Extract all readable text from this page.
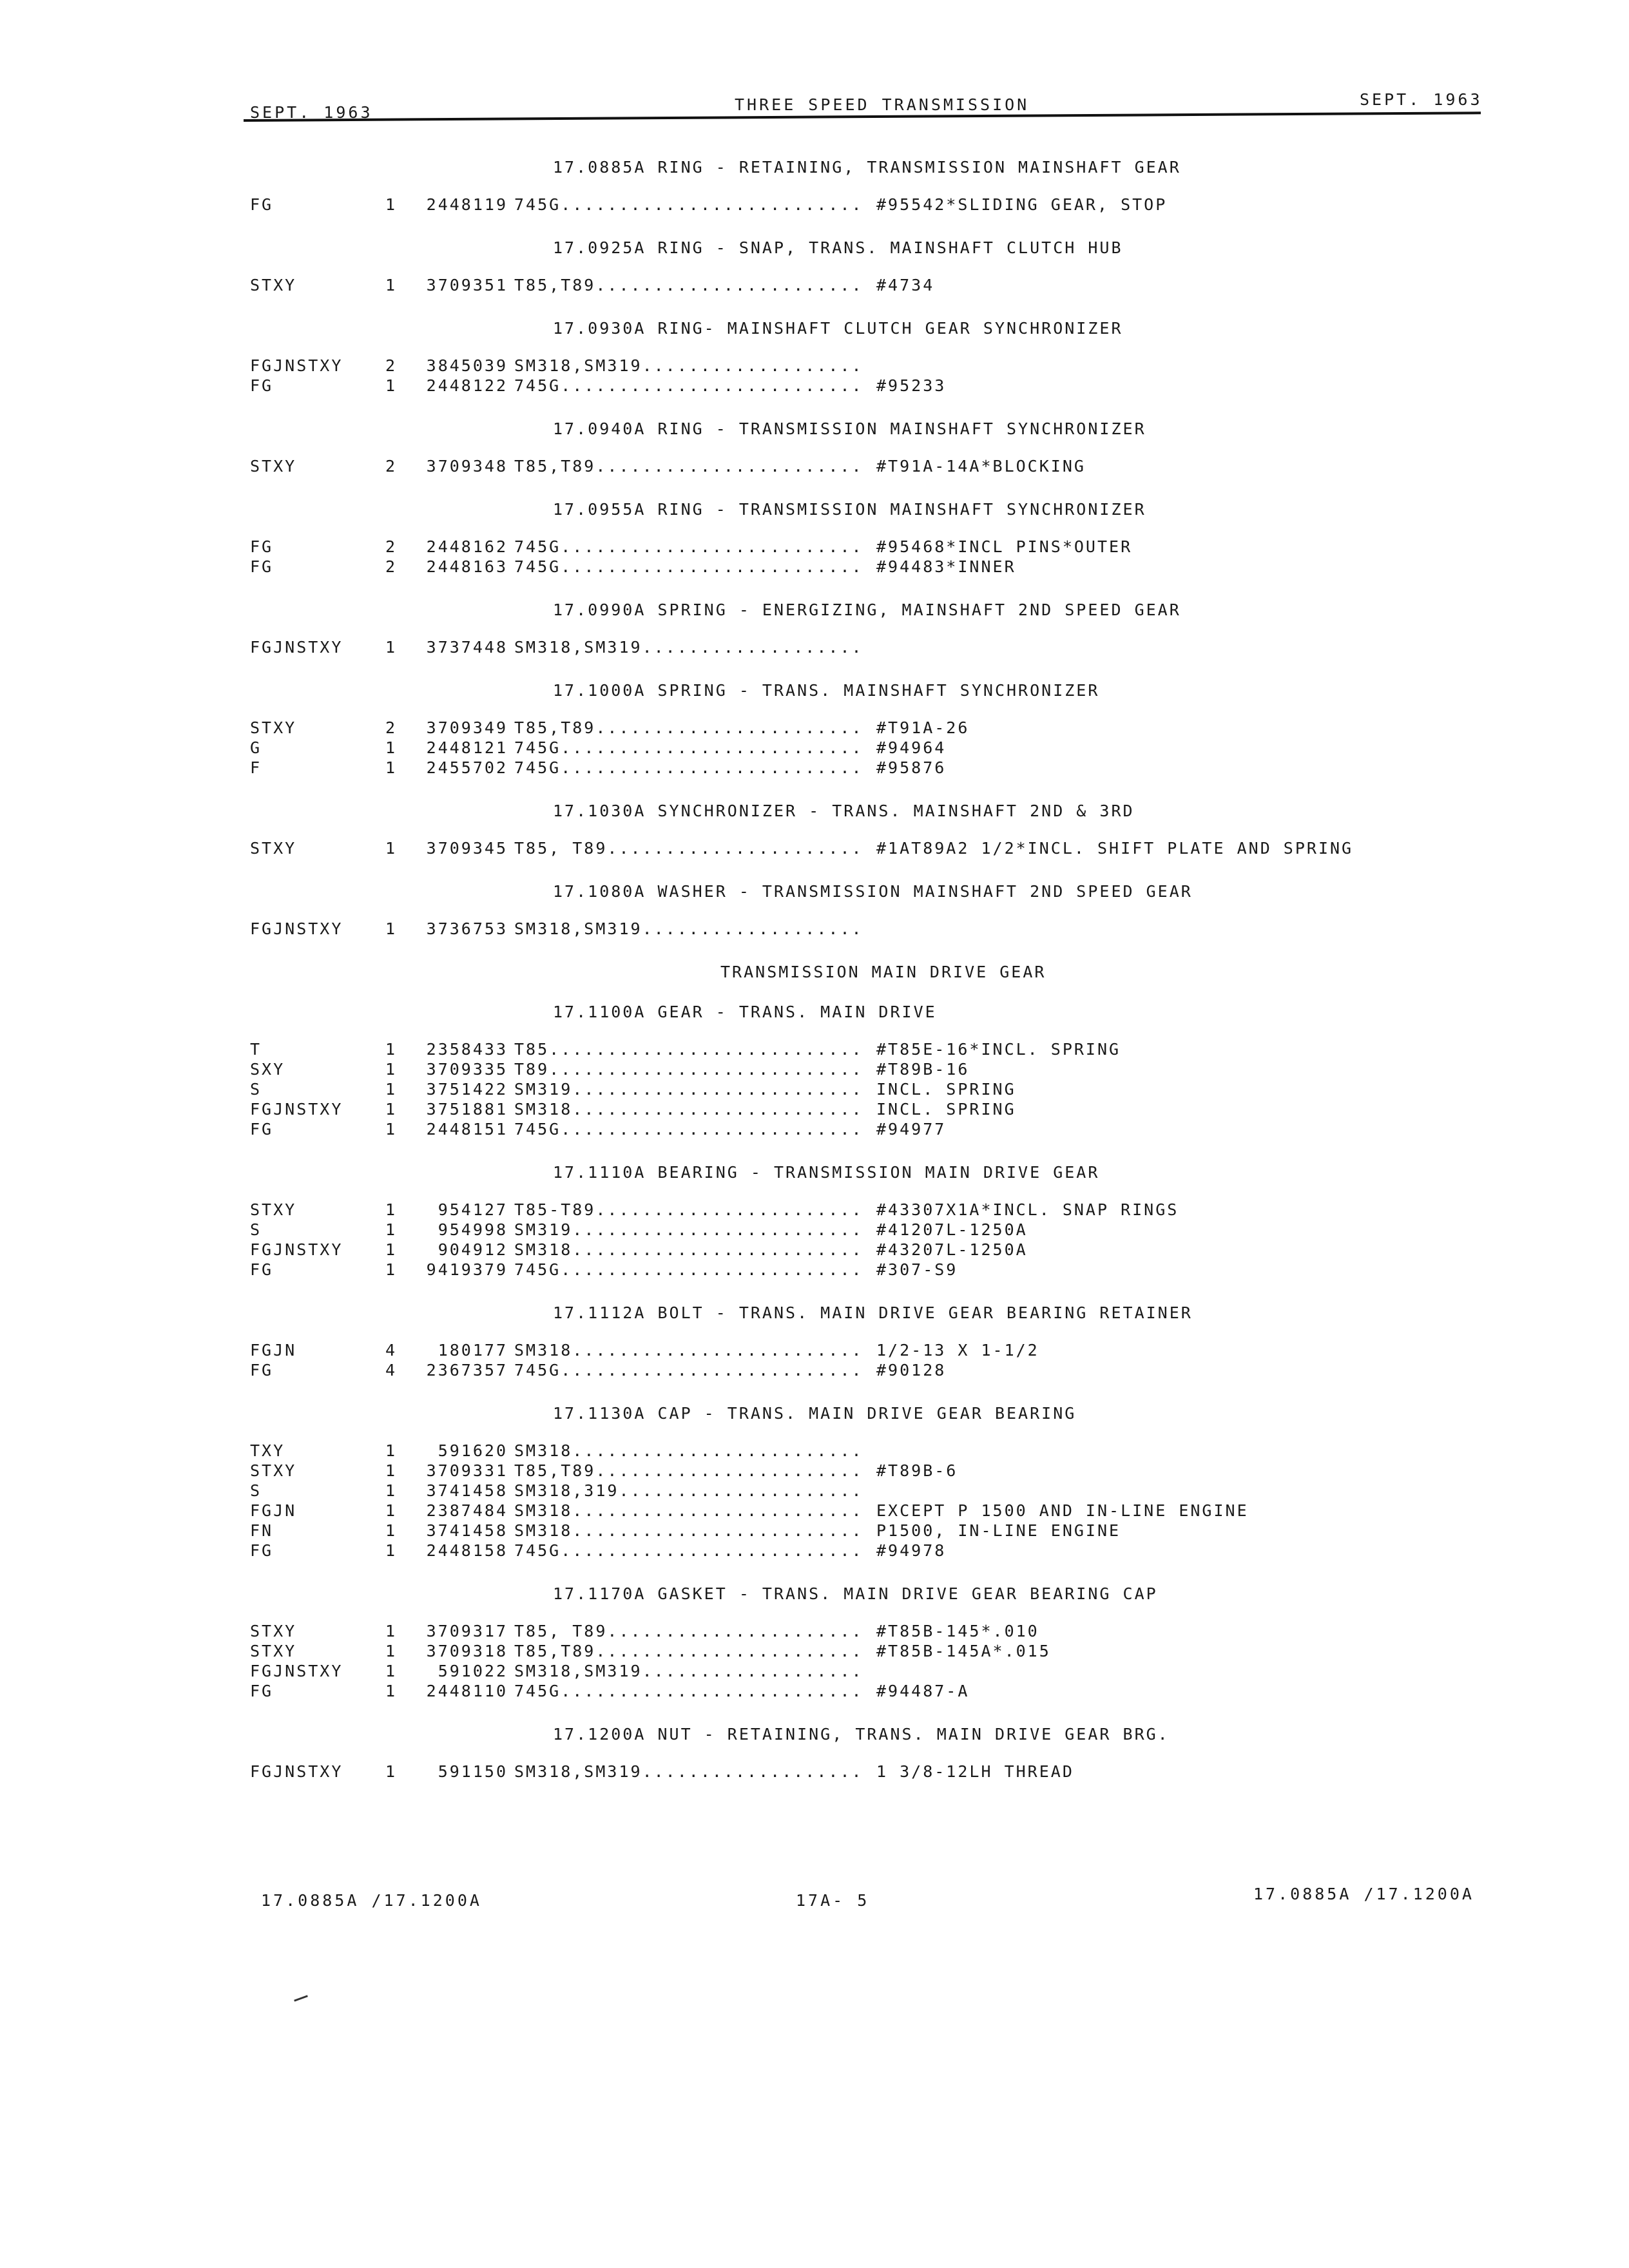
SEPT. 1963	THREE SPEED TRANSMISSION	SEPT. 1963
17.0885A RING - RETAINING, TRANSMISSION MAINSHAFT GEAR
FG	1	2448119 745G.......................... #95542*SLIDING GEAR, STOP
17.0925A RING - SNAP, TRANS. MAINSHAFT CLUTCH HUB
STXY	1	3709351 T85,T89....................... #4734
17.0930A RING- MAINSHAFT CLUTCH GEAR SYNCHRONIZER
FGJNSTXY	2	3845039 SM318,SM319...................
FG	1	2448122 745G.......................... #95233
17.0940A RING - TRANSMISSION MAINSHAFT SYNCHRONIZER
STXY	2	3709348 T85,T89....................... #T91A-14A*BLOCKING
17.0955A RING - TRANSMISSION MAINSHAFT SYNCHRONIZER
FG	2	2448162 745G.......................... #95468*INCL PINS*OUTER
FG	2	2448163 745G.......................... #94483*INNER
17.0990A SPRING - ENERGIZING, MAINSHAFT 2ND SPEED GEAR
FGJNSTXY	1	3737448 SM318,SM319...................
17.1000A SPRING - TRANS. MAINSHAFT SYNCHRONIZER
STXY	2	3709349 T85,T89....................... #T91A-26
G	1	2448121 745G.......................... #94964
F	1	2455702 745G.......................... #95876
17.1030A SYNCHRONIZER - TRANS. MAINSHAFT 2ND & 3RD
STXY	1	3709345 T85, T89...................... #1AT89A2 1/2*INCL. SHIFT PLATE AND SPRING
17.1080A WASHER - TRANSMISSION MAINSHAFT 2ND SPEED GEAR
FGJNSTXY	1	3736753 SM318,SM319...................
TRANSMISSION MAIN DRIVE GEAR
17.1100A GEAR - TRANS. MAIN DRIVE
T	1	2358433 T85........................... #T85E-16*INCL. SPRING
SXY	1	3709335 T89........................... #T89B-16
S	1	3751422 SM319......................... INCL. SPRING
FGJNSTXY	1	3751881 SM318......................... INCL. SPRING
FG	1	2448151 745G.......................... #94977
17.1110A BEARING - TRANSMISSION MAIN DRIVE GEAR
STXY	1	954127 T85-T89....................... #43307X1A*INCL. SNAP RINGS
S	1	954998 SM319......................... #41207L-1250A
FGJNSTXY	1	904912 SM318......................... #43207L-1250A
FG	1	9419379 745G.......................... #307-S9
17.1112A BOLT - TRANS. MAIN DRIVE GEAR BEARING RETAINER
FGJN	4	180177 SM318......................... 1/2-13 X 1-1/2
FG	4	2367357 745G.......................... #90128
17.1130A CAP - TRANS. MAIN DRIVE GEAR BEARING
TXY	1	591620 SM318.........................
STXY	1	3709331 T85,T89....................... #T89B-6
S	1	3741458 SM318,319.....................
FGJN	1	2387484 SM318......................... EXCEPT P 1500 AND IN-LINE ENGINE
FN	1	3741458 SM318......................... P1500, IN-LINE ENGINE
FG	1	2448158 745G.......................... #94978
17.1170A GASKET - TRANS. MAIN DRIVE GEAR BEARING CAP
STXY	1	3709317 T85, T89...................... #T85B-145*.010
STXY	1	3709318 T85,T89....................... #T85B-145A*.015
FGJNSTXY	1	591022 SM318,SM319...................
FG	1	2448110 745G.......................... #94487-A
17.1200A NUT - RETAINING, TRANS. MAIN DRIVE GEAR BRG.
FGJNSTXY	1	591150 SM318,SM319................... 1 3/8-12LH THREAD
17.0885A /17.1200A	17A- 5	17.0885A /17.1200A
